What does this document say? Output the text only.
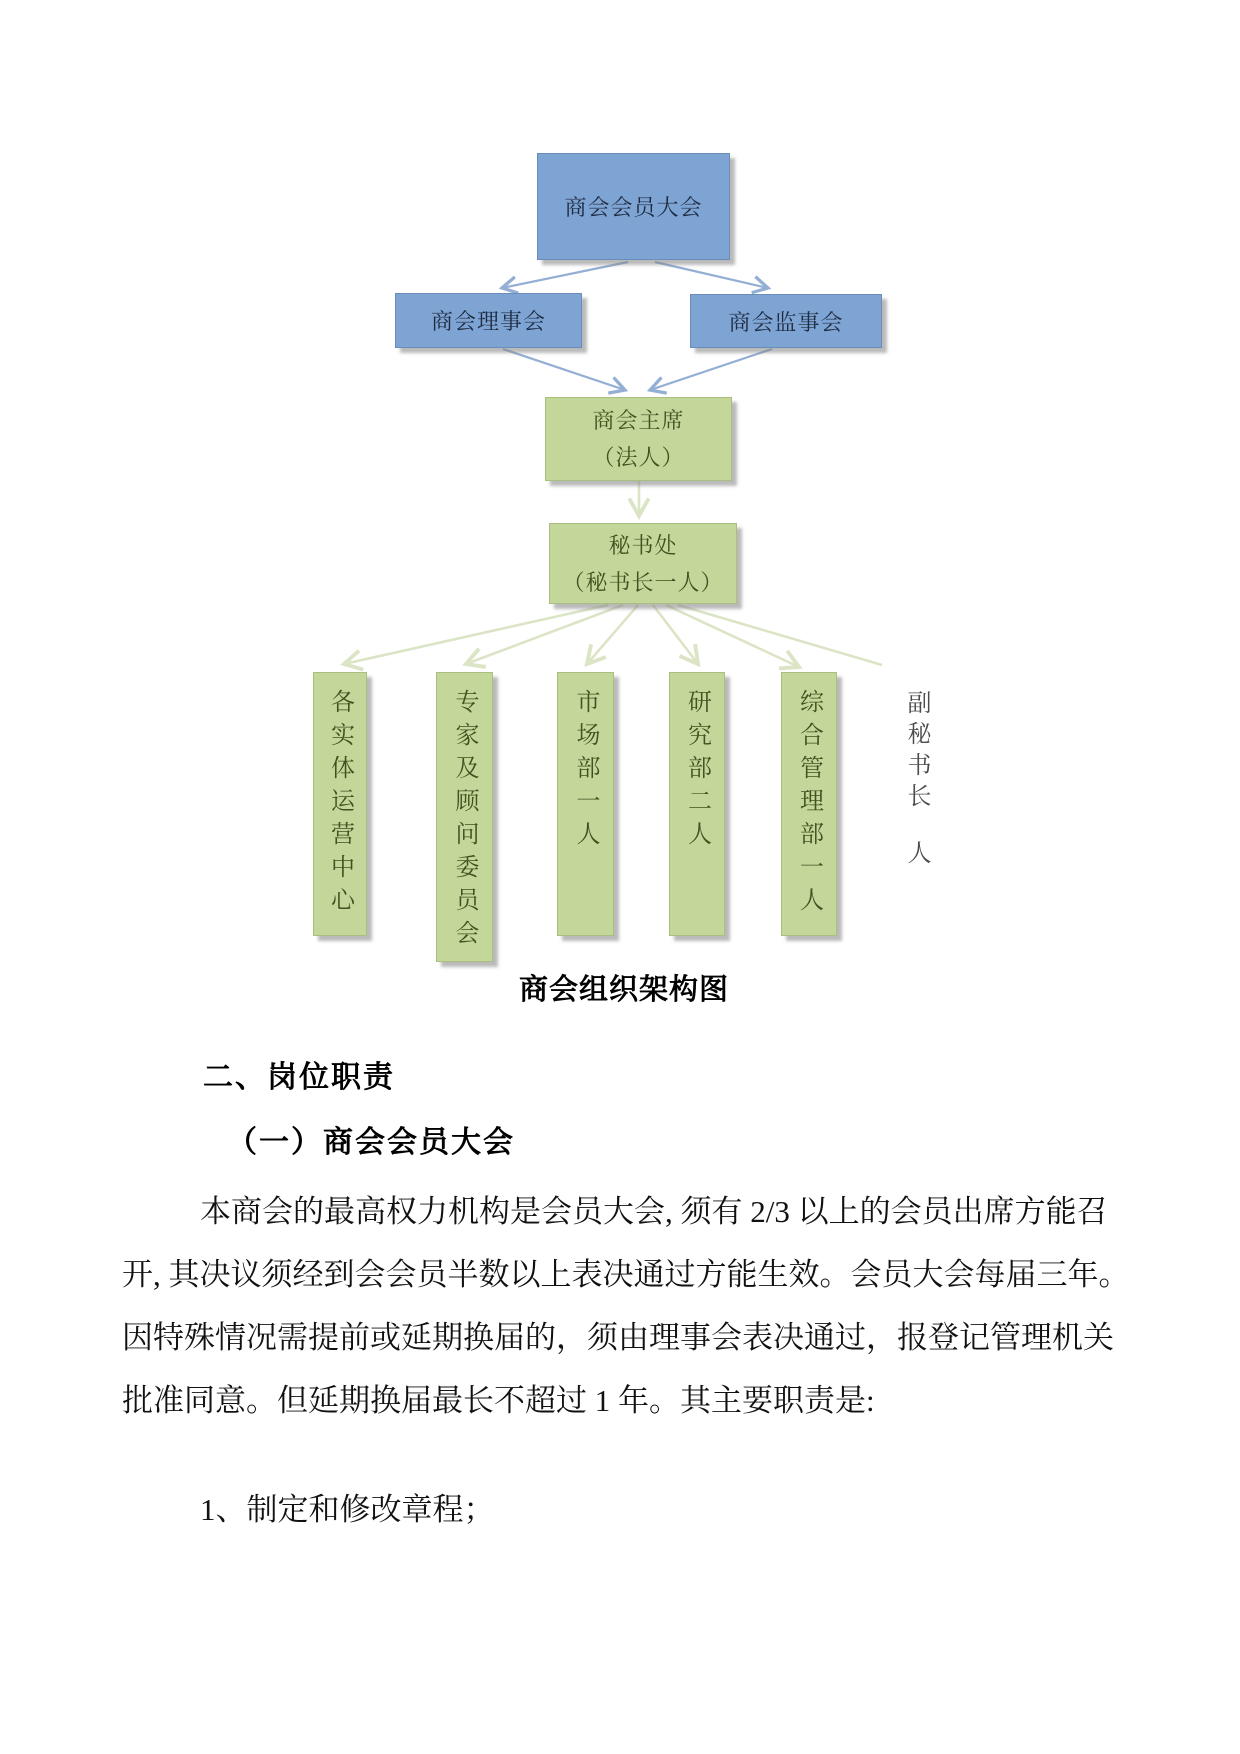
商会会员大会
商会理事会	商会监事会
商会主席
（法人）
秘书处
（秘书长一人）
各实体运营中心	专家及顾问委员会	市场部一人	研究部二人	综合管理部一人	副秘书长人
商会组织架构图
二、岗位职责
（一）商会会员大会
本商会的最高权力机构是会员大会, 须有 2/3 以上的会员出席方能召
开, 其决议须经到会会员半数以上表决通过方能生效。会员大会每届三年。
因特殊情况需提前或延期换届的，须由理事会表决通过，报登记管理机关
批准同意。但延期换届最长不超过 1 年。其主要职责是:
1、制定和修改章程；
